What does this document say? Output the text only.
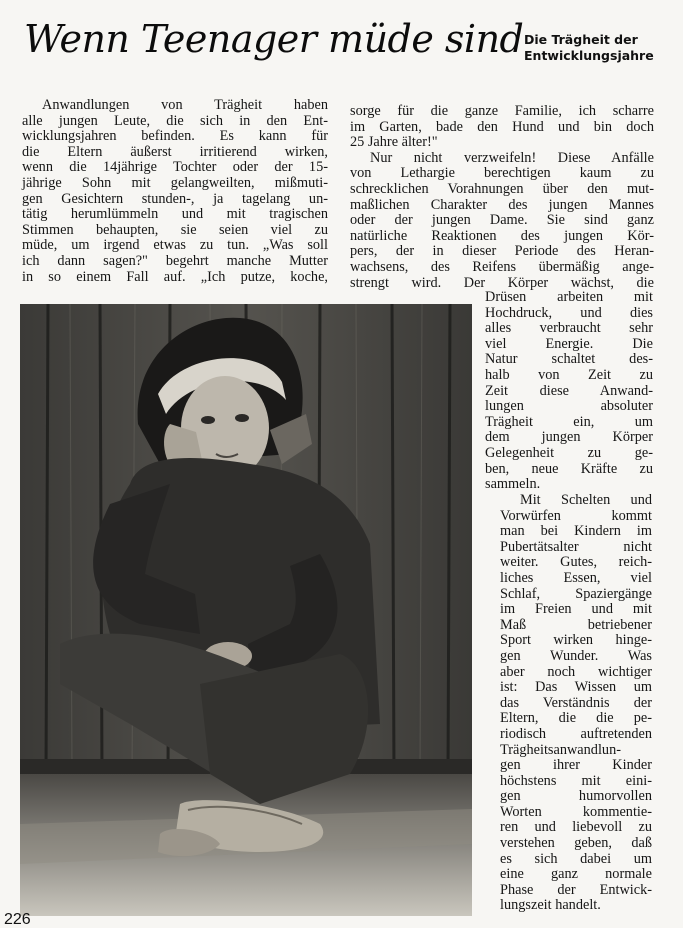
Wenn Teenager müde sind Die Trägheit der
Entwicklungsjahre
Anwandlungen von Trägheit haben
alle jungen Leute, die sich in den Ent-
wicklungsjahren befinden. Es kann für
die Eltern äußerst irritierend wirken,
wenn die 14jährige Tochter oder der 15-
jährige Sohn mit gelangweilten, mißmuti-
gen Gesichtern stunden-, ja tagelang un-
tätig herumlümmeln und mit tragischen
Stimmen behaupten, sie seien viel zu
müde, um irgend etwas zu tun. „Was soll
ich dann sagen?" begehrt manche Mutter
in so einem Fall auf. „Ich putze, koche,
sorge für die ganze Familie, ich scharre
im Garten, bade den Hund und bin doch
25 Jahre älter!"
Nur nicht verzweifeln! Diese Anfälle
von Lethargie berechtigen kaum zu
schrecklichen Vorahnungen über den mut-
maßlichen Charakter des jungen Mannes
oder der jungen Dame. Sie sind ganz
natürliche Reaktionen des jungen Kör-
pers, der in dieser Periode des Heran-
wachsens, des Reifens übermäßig ange-
strengt wird. Der Körper wächst, die
Drüsen arbeiten mit
Hochdruck, und dies
alles verbraucht sehr
viel Energie. Die
Natur schaltet des-
halb von Zeit zu
Zeit diese Anwand-
lungen absoluter
Trägheit ein, um
dem jungen Körper
Gelegenheit zu ge-
ben, neue Kräfte zu
sammeln.
Mit Schelten und
Vorwürfen kommt
man bei Kindern im
Pubertätsalter nicht
weiter. Gutes, reich-
liches Essen, viel
Schlaf, Spaziergänge
im Freien und mit
Maß betriebener
Sport wirken hinge-
gen Wunder. Was
aber noch wichtiger
ist: Das Wissen um
das Verständnis der
Eltern, die die pe-
riodisch auftretenden
Trägheitsanwandlun-
gen ihrer Kinder
höchstens mit eini-
gen humorvollen
Worten kommentie-
ren und liebevoll zu
verstehen geben, daß
es sich dabei um
eine ganz normale
Phase der Entwick-
lungszeit handelt.
226
